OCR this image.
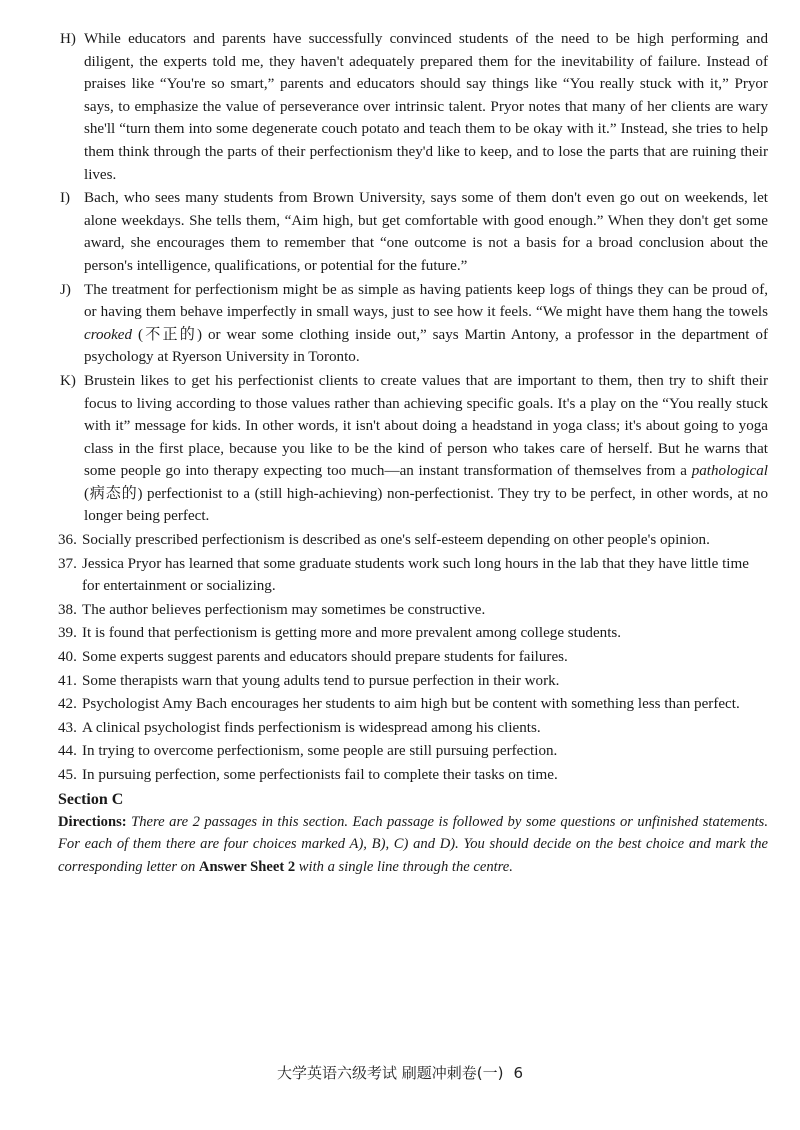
H) While educators and parents have successfully convinced students of the need to be high performing and diligent, the experts told me, they haven't adequately prepared them for the inevitability of failure. Instead of praises like “You're so smart,” parents and educators should say things like “You really stuck with it,” Pryor says, to emphasize the value of perseverance over intrinsic talent. Pryor notes that many of her clients are wary she'll “turn them into some degenerate couch potato and teach them to be okay with it.” Instead, she tries to help them think through the parts of their perfectionism they'd like to keep, and to lose the parts that are ruining their lives.
I) Bach, who sees many students from Brown University, says some of them don't even go out on weekends, let alone weekdays. She tells them, “Aim high, but get comfortable with good enough.” When they don't get some award, she encourages them to remember that “one outcome is not a basis for a broad conclusion about the person's intelligence, qualifications, or potential for the future.”
J) The treatment for perfectionism might be as simple as having patients keep logs of things they can be proud of, or having them behave imperfectly in small ways, just to see how it feels. “We might have them hang the towels crooked (不正的) or wear some clothing inside out,” says Martin Antony, a professor in the department of psychology at Ryerson University in Toronto.
K) Brustein likes to get his perfectionist clients to create values that are important to them, then try to shift their focus to living according to those values rather than achieving specific goals. It's a play on the “You really stuck with it” message for kids. In other words, it isn't about doing a headstand in yoga class; it's about going to yoga class in the first place, because you like to be the kind of person who takes care of herself. But he warns that some people go into therapy expecting too much—an instant transformation of themselves from a pathological (病态的) perfectionist to a (still high-achieving) non-perfectionist. They try to be perfect, in other words, at no longer being perfect.
36. Socially prescribed perfectionism is described as one's self-esteem depending on other people's opinion.
37. Jessica Pryor has learned that some graduate students work such long hours in the lab that they have little time for entertainment or socializing.
38. The author believes perfectionism may sometimes be constructive.
39. It is found that perfectionism is getting more and more prevalent among college students.
40. Some experts suggest parents and educators should prepare students for failures.
41. Some therapists warn that young adults tend to pursue perfection in their work.
42. Psychologist Amy Bach encourages her students to aim high but be content with something less than perfect.
43. A clinical psychologist finds perfectionism is widespread among his clients.
44. In trying to overcome perfectionism, some people are still pursuing perfection.
45. In pursuing perfection, some perfectionists fail to complete their tasks on time.
Section C
Directions: There are 2 passages in this section. Each passage is followed by some questions or unfinished statements. For each of them there are four choices marked A), B), C) and D). You should decide on the best choice and mark the corresponding letter on Answer Sheet 2 with a single line through the centre.
大学英语六级考试 刷题冲刺卷(一) 6
